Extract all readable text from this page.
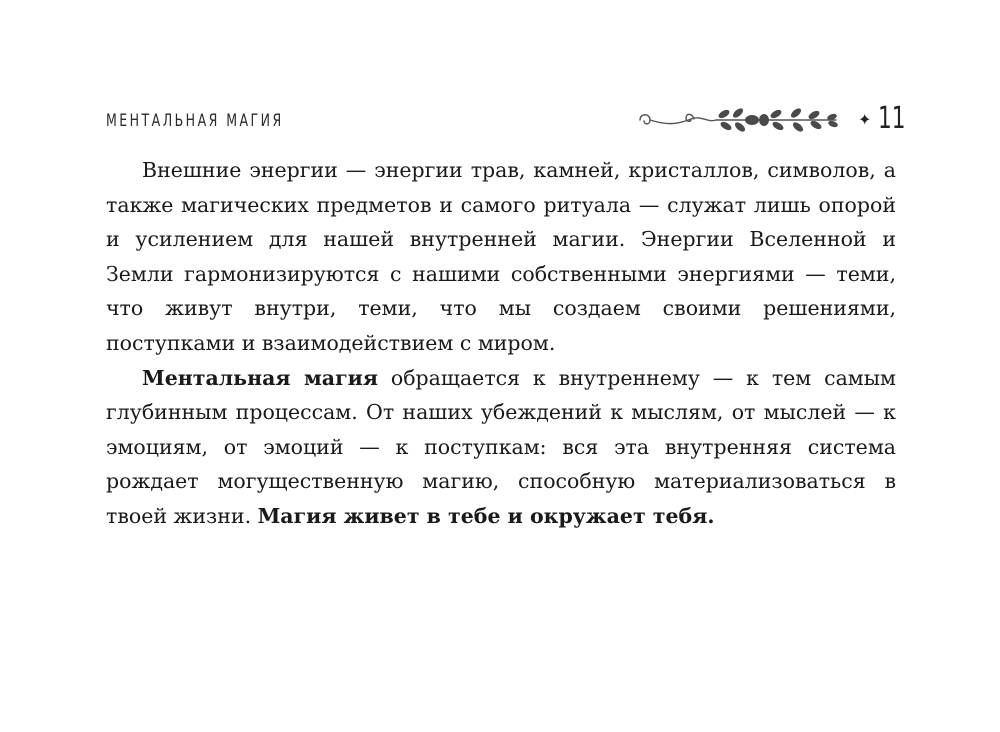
МЕНТАЛЬНАЯ МАГИЯ	✦ 11

Внешние энергии — энергии трав, камней, кристаллов, символов, а также магических предметов и самого ритуала — служат лишь опорой и усилением для нашей внутренней магии. Энергии Вселенной и Земли гармонизируются с нашими собственными энергиями — теми, что живут внутри, теми, что мы создаем своими решениями, поступками и взаимодействием с миром.

Ментальная магия обращается к внутреннему — к тем самым глубинным процессам. От наших убеждений к мыслям, от мыслей — к эмоциям, от эмоций — к поступкам: вся эта внутренняя система рождает могущественную магию, способную материализоваться в твоей жизни. Магия живет в тебе и окружает тебя.
